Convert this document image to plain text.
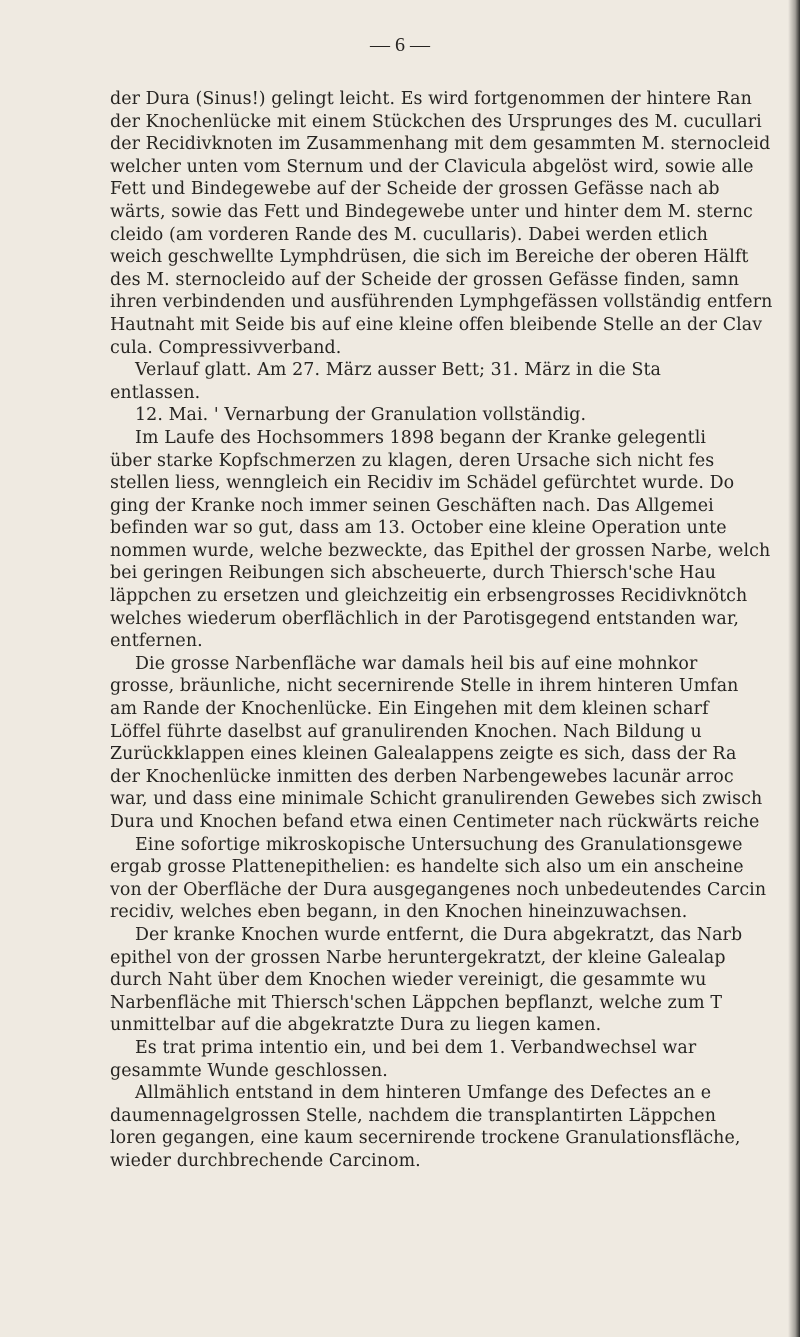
— 6 —
der Dura (Sinus!) gelingt leicht. Es wird fortgenommen der hintere Ran
der Knochenlücke mit einem Stückchen des Ursprunges des M. cucullari
der Recidivknoten im Zusammenhang mit dem gesammten M. sternocleid
welcher unten vom Sternum und der Clavicula abgelöst wird, sowie alle
Fett und Bindegewebe auf der Scheide der grossen Gefässe nach ab
wärts, sowie das Fett und Bindegewebe unter und hinter dem M. sternc
cleido (am vorderen Rande des M. cucullaris). Dabei werden etlich
weich geschwellte Lymphdrüsen, die sich im Bereiche der oberen Hälft
des M. sternocleido auf der Scheide der grossen Gefässe finden, samn
ihren verbindenden und ausführenden Lymphgefässen vollständig entfern
Hautnaht mit Seide bis auf eine kleine offen bleibende Stelle an der Clav
cula. Compressivverband.
Verlauf glatt. Am 27. März ausser Bett; 31. März in die Sta
entlassen.
12. Mai. ' Vernarbung der Granulation vollständig.
Im Laufe des Hochsommers 1898 begann der Kranke gelegentli
über starke Kopfschmerzen zu klagen, deren Ursache sich nicht fes
stellen liess, wenngleich ein Recidiv im Schädel gefürchtet wurde. Do
ging der Kranke noch immer seinen Geschäften nach. Das Allgemei
befinden war so gut, dass am 13. October eine kleine Operation unte
nommen wurde, welche bezweckte, das Epithel der grossen Narbe, welch
bei geringen Reibungen sich abscheuerte, durch Thiersch'sche Hau
läppchen zu ersetzen und gleichzeitig ein erbsengrosses Recidivknötch
welches wiederum oberflächlich in der Parotisgegend entstanden war,
entfernen.
Die grosse Narbenfläche war damals heil bis auf eine mohnkor
grosse, bräunliche, nicht secernirende Stelle in ihrem hinteren Umfan
am Rande der Knochenlücke. Ein Eingehen mit dem kleinen scharf
Löffel führte daselbst auf granulirenden Knochen. Nach Bildung u
Zurückklappen eines kleinen Galealappens zeigte es sich, dass der Ra
der Knochenlücke inmitten des derben Narbengewebes lacunär arroc
war, und dass eine minimale Schicht granulirenden Gewebes sich zwisch
Dura und Knochen befand etwa einen Centimeter nach rückwärts reiche
Eine sofortige mikroskopische Untersuchung des Granulationsgewe
ergab grosse Plattenepithelien: es handelte sich also um ein anscheine
von der Oberfläche der Dura ausgegangenes noch unbedeutendes Carcin
recidiv, welches eben begann, in den Knochen hineinzuwachsen.
Der kranke Knochen wurde entfernt, die Dura abgekratzt, das Narb
epithel von der grossen Narbe heruntergekratzt, der kleine Galealap
durch Naht über dem Knochen wieder vereinigt, die gesammte wu
Narbenfläche mit Thiersch'schen Läppchen bepflanzt, welche zum T
unmittelbar auf die abgekratzte Dura zu liegen kamen.
Es trat prima intentio ein, und bei dem 1. Verbandwechsel war
gesammte Wunde geschlossen.
Allmählich entstand in dem hinteren Umfange des Defectes an e
daumennagelgrossen Stelle, nachdem die transplantirten Läppchen
loren gegangen, eine kaum secernirende trockene Granulationsfläche,
wieder durchbrechende Carcinom.
